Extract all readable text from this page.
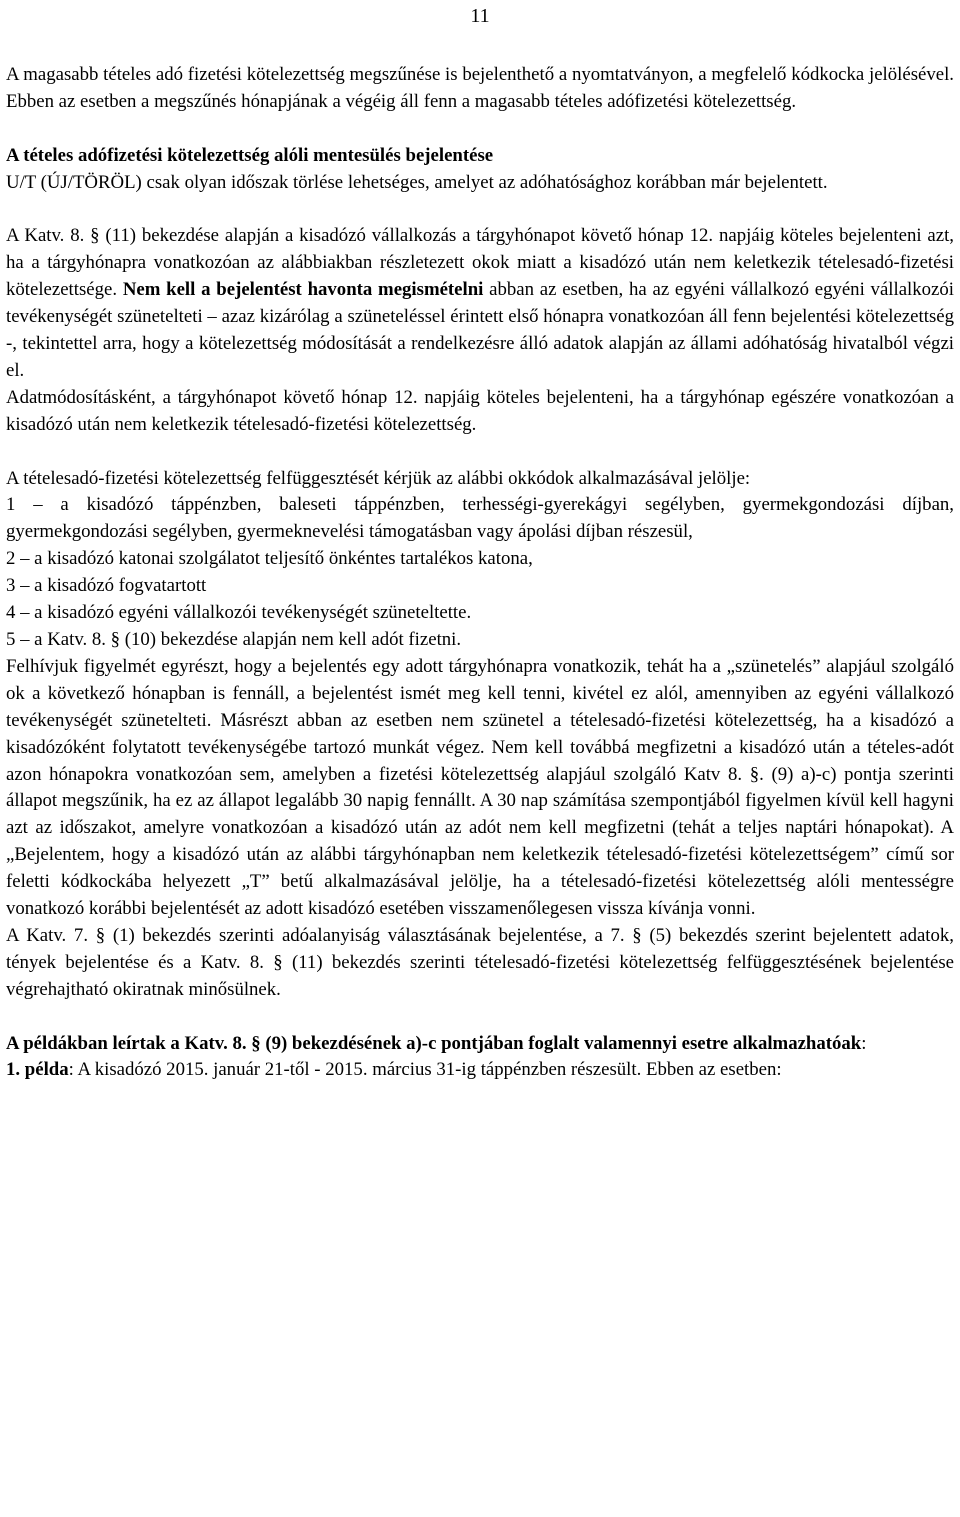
11

A magasabb tételes adó fizetési kötelezettség megszűnése is bejelenthető a nyomtatványon, a megfelelő kódkocka jelölésével. Ebben az esetben a megszűnés hónapjának a végéig áll fenn a magasabb tételes adófizetési kötelezettség.

A tételes adófizetési kötelezettség alóli mentesülés bejelentése

U/T (ÚJ/TÖRÖL) csak olyan időszak törlése lehetséges, amelyet az adóhatósághoz korábban már bejelentett.

A Katv. 8. § (11) bekezdése alapján a kisadózó vállalkozás a tárgyhónapot követő hónap 12. napjáig köteles bejelenteni azt, ha a tárgyhónapra vonatkozóan az alábbiakban részletezett okok miatt a kisadózó után nem keletkezik tételesadó-fizetési kötelezettsége. Nem kell a bejelentést havonta megismételni abban az esetben, ha az egyéni vállalkozó egyéni vállalkozói tevékenységét szünetelteti – azaz kizárólag a szüneteléssel érintett első hónapra vonatkozóan áll fenn bejelentési kötelezettség -, tekintettel arra, hogy a kötelezettség módosítását a rendelkezésre álló adatok alapján az állami adóhatóság hivatalból végzi el.

Adatmódosításként, a tárgyhónapot követő hónap 12. napjáig köteles bejelenteni, ha a tárgyhónap egészére vonatkozóan a kisadózó után nem keletkezik tételesadó-fizetési kötelezettség.

A tételesadó-fizetési kötelezettség felfüggesztését kérjük az alábbi okkódok alkalmazásával jelölje:

1 – a kisadózó táppénzben, baleseti táppénzben, terhességi-gyerekágyi segélyben, gyermekgondozási díjban, gyermekgondozási segélyben, gyermeknevelési támogatásban vagy ápolási díjban részesül,

2 – a kisadózó katonai szolgálatot teljesítő önkéntes tartalékos katona,

3 – a kisadózó fogvatartott

4 – a kisadózó egyéni vállalkozói tevékenységét szüneteltette.

5 – a Katv. 8. § (10) bekezdése alapján nem kell adót fizetni.

Felhívjuk figyelmét egyrészt, hogy a bejelentés egy adott tárgyhónapra vonatkozik, tehát ha a „szünetelés” alapjául szolgáló ok a következő hónapban is fennáll, a bejelentést ismét meg kell tenni, kivétel ez alól, amennyiben az egyéni vállalkozó tevékenységét szünetelteti. Másrészt abban az esetben nem szünetel a tételesadó-fizetési kötelezettség, ha a kisadózó a kisadózóként folytatott tevékenységébe tartozó munkát végez. Nem kell továbbá megfizetni a kisadózó után a tételes-adót azon hónapokra vonatkozóan sem, amelyben a fizetési kötelezettség alapjául szolgáló Katv 8. §. (9) a)-c) pontja szerinti állapot megszűnik, ha ez az állapot legalább 30 napig fennállt. A 30 nap számítása szempontjából figyelmen kívül kell hagyni azt az időszakot, amelyre vonatkozóan a kisadózó után az adót nem kell megfizetni (tehát a teljes naptári hónapokat). A „Bejelentem, hogy a kisadózó után az alábbi tárgyhónapban nem keletkezik tételesadó-fizetési kötelezettségem” című sor feletti kódkockába helyezett „T” betű alkalmazásával jelölje, ha a tételesadó-fizetési kötelezettség alóli mentességre vonatkozó korábbi bejelentését az adott kisadózó esetében visszamenőlegesen vissza kívánja vonni.

A Katv. 7. § (1) bekezdés szerinti adóalanyiság választásának bejelentése, a 7. § (5) bekezdés szerint bejelentett adatok, tények bejelentése és a Katv. 8. § (11) bekezdés szerinti tételesadó-fizetési kötelezettség felfüggesztésének bejelentése végrehajtható okiratnak minősülnek.

A példákban leírtak a Katv. 8. § (9) bekezdésének a)-c pontjában foglalt valamennyi esetre alkalmazhatóak:

1. példa: A kisadózó 2015. január 21-től - 2015. március 31-ig táppénzben részesült. Ebben az esetben:
